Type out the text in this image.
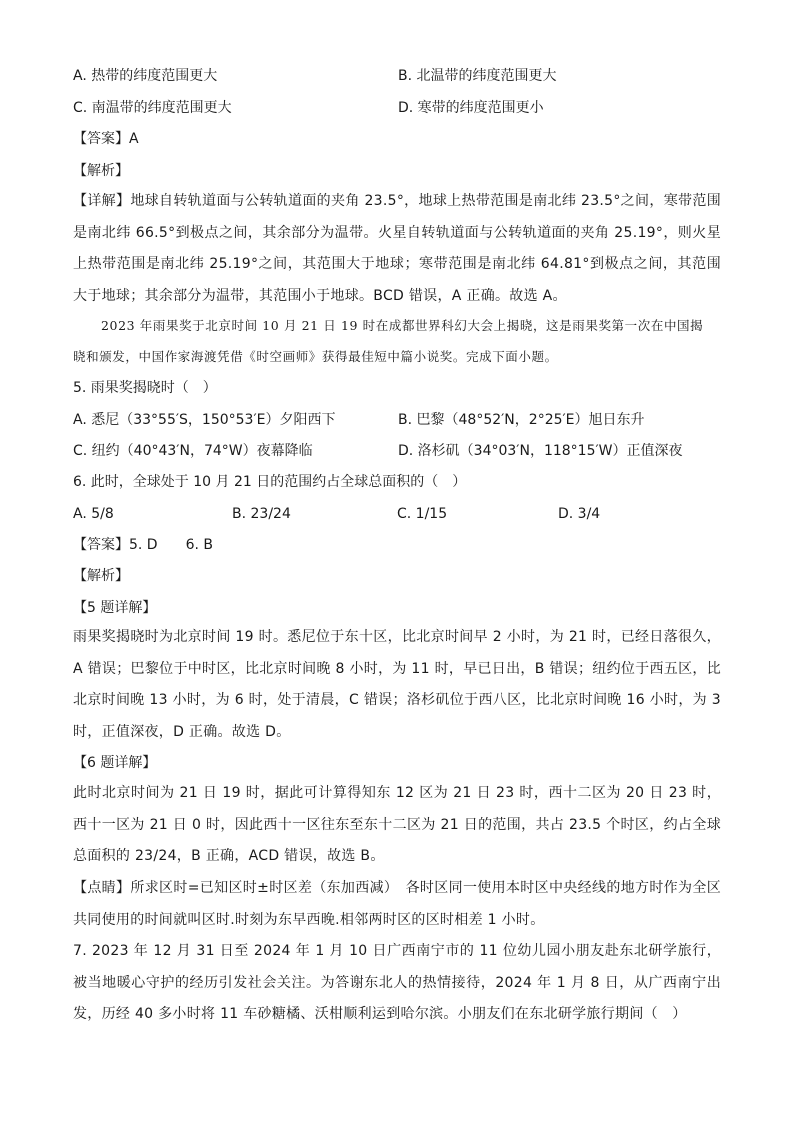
A. 热带的纬度范围更大	B. 北温带的纬度范围更大
C. 南温带的纬度范围更大	D. 寒带的纬度范围更小
【答案】A
【解析】
【详解】地球自转轨道面与公转轨道面的夹角 23.5°，地球上热带范围是南北纬 23.5°之间，寒带范围是南北纬 66.5°到极点之间，其余部分为温带。火星自转轨道面与公转轨道面的夹角 25.19°，则火星上热带范围是南北纬 25.19°之间，其范围大于地球；寒带范围是南北纬 64.81°到极点之间，其范围大于地球；其余部分为温带，其范围小于地球。BCD 错误，A 正确。故选 A。
2023 年雨果奖于北京时间 10 月 21 日 19 时在成都世界科幻大会上揭晓，这是雨果奖第一次在中国揭
晓和颁发，中国作家海渡凭借《时空画师》获得最佳短中篇小说奖。完成下面小题。
5. 雨果奖揭晓时（　）
A. 悉尼（33°55′S，150°53′E）夕阳西下	B. 巴黎（48°52′N，2°25′E）旭日东升
C. 纽约（40°43′N，74°W）夜幕降临	D. 洛杉矶（34°03′N，118°15′W）正值深夜
6. 此时，全球处于 10 月 21 日的范围约占全球总面积的（　）
A. 5/8	B. 23/24	C. 1/15	D. 3/4
【答案】5. D　　6. B
【解析】
【5 题详解】
雨果奖揭晓时为北京时间 19 时。悉尼位于东十区，比北京时间早 2 小时，为 21 时，已经日落很久，A 错误；巴黎位于中时区，比北京时间晚 8 小时，为 11 时，早已日出，B 错误；纽约位于西五区，比北京时间晚 13 小时，为 6 时，处于清晨，C 错误；洛杉矶位于西八区，比北京时间晚 16 小时，为 3 时，正值深夜，D 正确。故选 D。
【6 题详解】
此时北京时间为 21 日 19 时，据此可计算得知东 12 区为 21 日 23 时，西十二区为 20 日 23 时，西十一区为 21 日 0 时，因此西十一区往东至东十二区为 21 日的范围，共占 23.5 个时区，约占全球总面积的 23/24，B 正确，ACD 错误，故选 B。
【点睛】所求区时=已知区时±时区差（东加西减）　各时区同一使用本时区中央经线的地方时作为全区共同使用的时间就叫区时.时刻为东早西晚.相邻两时区的区时相差 1 小时。
7. 2023 年 12 月 31 日至 2024 年 1 月 10 日广西南宁市的 11 位幼儿园小朋友赴东北研学旅行，被当地暖心守护的经历引发社会关注。为答谢东北人的热情接待，2024 年 1 月 8 日，从广西南宁出发，历经 40 多小时将 11 车砂糖橘、沃柑顺利运到哈尔滨。小朋友们在东北研学旅行期间（　）
